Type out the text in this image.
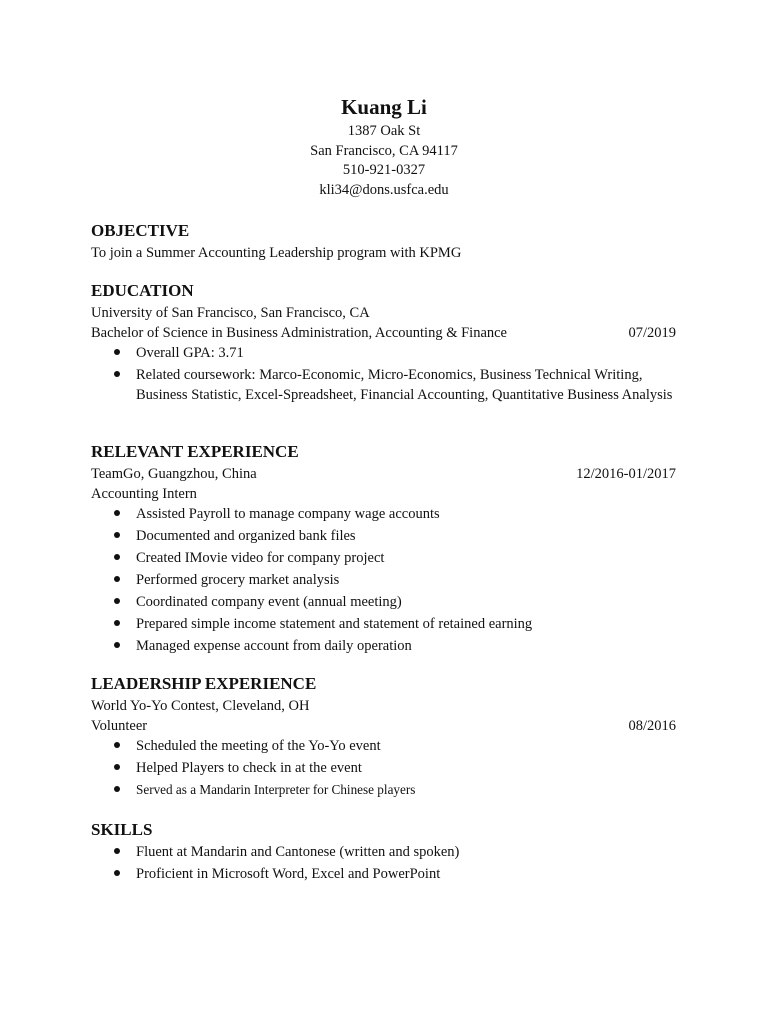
Kuang Li
1387 Oak St
San Francisco, CA 94117
510-921-0327
kli34@dons.usfca.edu
OBJECTIVE
To join a Summer Accounting Leadership program with KPMG
EDUCATION
University of San Francisco, San Francisco, CA
Bachelor of Science in Business Administration, Accounting & Finance	07/2019
Overall GPA: 3.71
Related coursework: Marco-Economic, Micro-Economics, Business Technical Writing, Business Statistic, Excel-Spreadsheet, Financial Accounting, Quantitative Business Analysis
RELEVANT EXPERIENCE
TeamGo, Guangzhou, China	12/2016-01/2017
Accounting Intern
Assisted Payroll to manage company wage accounts
Documented and organized bank files
Created IMovie video for company project
Performed grocery market analysis
Coordinated company event (annual meeting)
Prepared simple income statement and statement of retained earning
Managed expense account from daily operation
LEADERSHIP EXPERIENCE
World Yo-Yo Contest, Cleveland, OH
Volunteer	08/2016
Scheduled the meeting of the Yo-Yo event
Helped Players to check in at the event
Served as a Mandarin Interpreter for Chinese players
SKILLS
Fluent at Mandarin and Cantonese (written and spoken)
Proficient in Microsoft Word, Excel and PowerPoint
